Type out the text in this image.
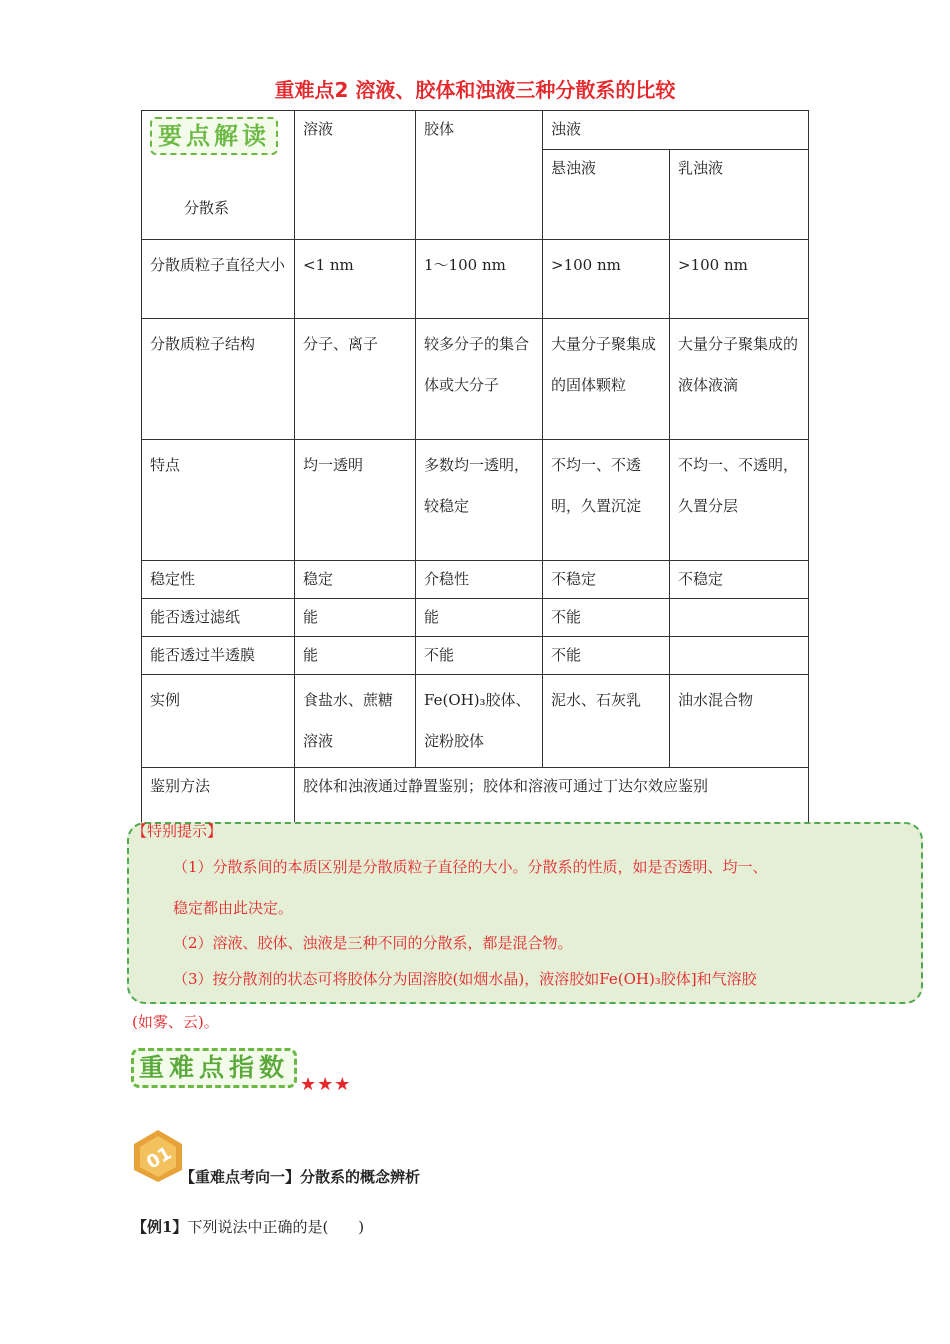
重难点2 溶液、胶体和浊液三种分散系的比较
要点解读
分散系	溶液	胶体	浊液	
			悬浊液	乳浊液
分散质粒子直径大小	<1 nm	1～100 nm	>100 nm	>100 nm
分散质粒子结构	分子、离子	较多分子的集合体或大分子	大量分子聚集成的固体颗粒	大量分子聚集成的液体液滴
特点	均一透明	多数均一透明，较稳定	不均一、不透明，久置沉淀	不均一、不透明，久置分层
稳定性	稳定	介稳性	不稳定	不稳定
能否透过滤纸	能	能	不能	
能否透过半透膜	能	不能	不能	
实例	食盐水、蔗糖溶液	Fe(OH)₃胶体、淀粉胶体	泥水、石灰乳	油水混合物
鉴别方法	胶体和浊液通过静置鉴别；胶体和溶液可通过丁达尔效应鉴别			
【特别提示】
（1）分散系间的本质区别是分散质粒子直径的大小。分散系的性质，如是否透明、均一、
稳定都由此决定。
（2）溶液、胶体、浊液是三种不同的分散系，都是混合物。
（3）按分散剂的状态可将胶体分为固溶胶(如烟水晶)，液溶胶如Fe(OH)₃胶体]和气溶胶
(如雾、云)。
重难点指数
★★★
01
【重难点考向一】分散系的概念辨析
【例1】下列说法中正确的是(　　)
